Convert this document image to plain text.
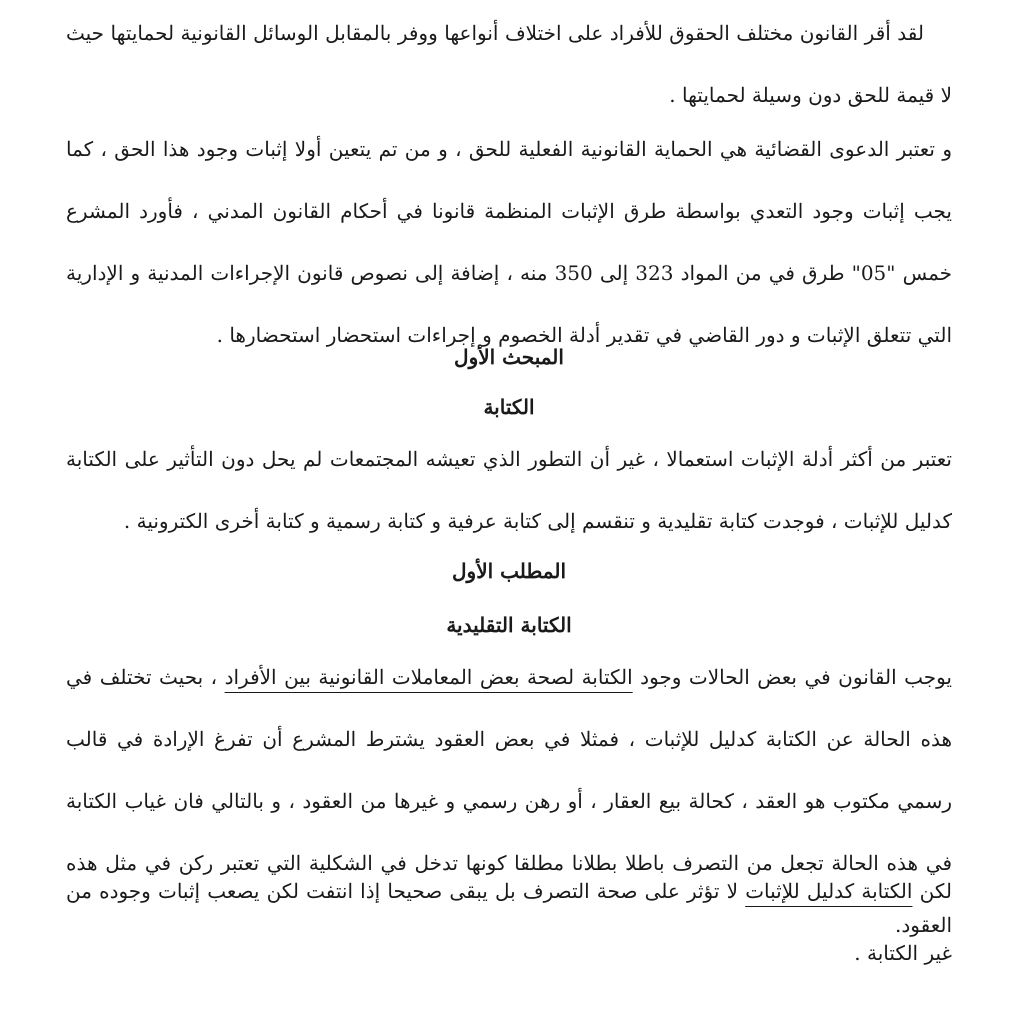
لقد أقر القانون مختلف الحقوق للأفراد على اختلاف أنواعها ووفر بالمقابل الوسائل القانونية لحمايتها حيث لا قيمة للحق دون وسيلة لحمايتها .
و تعتبر الدعوى القضائية هي الحماية القانونية الفعلية للحق ، و من تم يتعين أولا إثبات وجود هذا الحق ، كما يجب إثبات وجود التعدي بواسطة طرق الإثبات المنظمة قانونا في أحكام القانون المدني ، فأورد المشرع خمس "05" طرق في من المواد 323 إلى 350 منه ، إضافة إلى نصوص قانون الإجراءات المدنية و الإدارية التي تتعلق الإثبات و دور القاضي في تقدير أدلة الخصوم و إجراءات استحضار استحضارها .
المبحث الأول
الكتابة
تعتبر من أكثر أدلة الإثبات استعمالا ، غير أن التطور الذي تعيشه المجتمعات لم يحل دون التأثير على الكتابة كدليل للإثبات ، فوجدت كتابة تقليدية و تنقسم إلى كتابة عرفية و كتابة رسمية و كتابة أخرى الكترونية .
المطلب الأول
الكتابة التقليدية
يوجب القانون في بعض الحالات وجود الكتابة لصحة بعض المعاملات القانونية بين الأفراد ، بحيث تختلف في هذه الحالة عن الكتابة كدليل للإثبات ، فمثلا في بعض العقود يشترط المشرع أن تفرغ الإرادة في قالب رسمي مكتوب هو العقد ، كحالة بيع العقار ، أو رهن رسمي و غيرها من العقود ، و بالتالي فان غياب الكتابة في هذه الحالة تجعل من التصرف باطلا بطلانا مطلقا كونها تدخل في الشكلية التي تعتبر ركن في مثل هذه العقود.
لكن الكتابة كدليل للإثبات لا تؤثر على صحة التصرف بل يبقى صحيحا إذا انتفت لكن يصعب إثبات وجوده من غير الكتابة .
